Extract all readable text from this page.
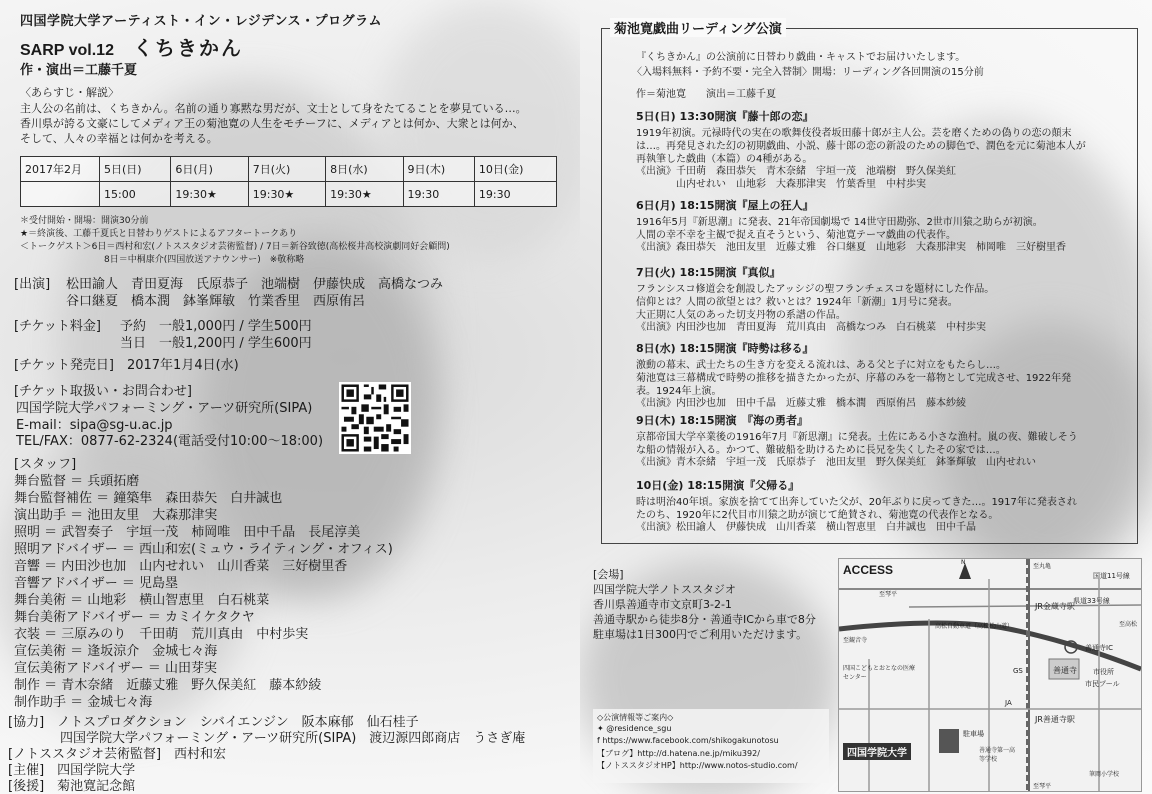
四国学院大学アーティスト・イン・レジデンス・プログラム
SARP vol.12 くちきかん
作・演出＝工藤千夏
〈あらすじ・解説〉
主人公の名前は、くちきかん。名前の通り寡黙な男だが、文士として身をたてることを夢見ている…。
香川県が誇る文豪にしてメディア王の菊池寛の人生をモチーフに、メディアとは何か、大衆とは何か、
そして、人々の幸福とは何かを考える。
2017年2月	5日(日)	6日(月)	7日(火)	8日(水)	9日(木)	10日(金)
	15:00	19:30★	19:30★	19:30★	19:30	19:30
＊受付開始・開場：開演30分前
★＝終演後、工藤千夏氏と日替わりゲストによるアフタートークあり
＜トークゲスト＞6日＝西村和宏(ノトススタジオ芸術監督) / 7日＝新谷致徳(高松桜井高校演劇同好会顧問)
8日＝中桐康介(四国放送アナウンサー)　※敬称略
[出演] 松田諭人　青田夏海　氏原恭子　池端樹　伊藤快成　高橋なつみ
谷口継夏　橋本潤　鉢峯輝敏　竹業香里　西原侑呂
[チケット料金] 予約　一般1,000円 / 学生500円
当日　一般1,200円 / 学生600円
[チケット発売日]　2017年1月4日(水)
[チケット取扱い・お問合わせ]
四国学院大学パフォーミング・アーツ研究所(SIPA)
E-mail：sipa@sg-u.ac.jp
TEL/FAX：0877-62-2324(電話受付10:00～18:00)
[スタッフ]
舞台監督 ＝ 兵頭拓磨
舞台監督補佐 ＝ 鐘築隼　森田恭矢　白井誠也
演出助手 ＝ 池田友里　大森那津実
照明 ＝ 武智奏子　宇垣一茂　柿岡唯　田中千晶　長尾淳美
照明アドバイザー ＝ 西山和宏(ミュウ・ライティング・オフィス)
音響 ＝ 内田沙也加　山内せれい　山川香菜　三好樹里香
音響アドバイザー ＝ 児島塁
舞台美術 ＝ 山地彩　横山智恵里　白石桃菜
舞台美術アドバイザー ＝ カミイケタクヤ
衣装 ＝ 三原みのり　千田萌　荒川真由　中村歩実
宣伝美術 ＝ 逢坂涼介　金城七々海
宣伝美術アドバイザー ＝ 山田芽実
制作 ＝ 青木奈緒　近藤丈雅　野久保美紅　藤本紗綾
制作助手 ＝ 金城七々海
[協力]　ノトスプロダクション　シバイエンジン　阪本麻郁　仙石桂子
　　　　四国学院大学パフォーミング・アーツ研究所(SIPA)　渡辺源四郎商店　うさぎ庵
[ノトススタジオ芸術監督]　西村和宏
[主催]　四国学院大学
[後援]　菊池寛記念館
菊池寛戯曲リーディング公演
『くちきかん』の公演前に日替わり戯曲・キャストでお届けいたします。
〈入場料無料・予約不要・完全入替制〉開場：リーディング各回開演の15分前
作＝菊池寛　　演出＝工藤千夏
5日(日) 13:30開演『藤十郎の恋』
1919年初演。元禄時代の実在の歌舞伎役者坂田藤十郎が主人公。芸を磨くための偽りの恋の顛末
は…。再発見された幻の初期戯曲、小説、藤十郎の恋の新設のための脚色で、潤色を元に菊池本人が
再執筆した戯曲（本篇）の4種がある。
《出演》千田萌　森田恭矢　青木奈緒　宇垣一茂　池端樹　野久保美紅
　　　　山内せれい　山地彩　大森那津実　竹葉香里　中村歩実
6日(月) 18:15開演『屋上の狂人』
1916年5月『新思潮』に発表、21年帝国劇場で 14世守田勘弥、2世市川猿之助らが初演。
人間の幸不幸を主観で捉え直そうという、菊池寛テーマ戯曲の代表作。
《出演》森田恭矢　池田友里　近藤丈雅　谷口継夏　山地彩　大森那津実　柿岡唯　三好樹里香
7日(火) 18:15開演『真似』
フランシスコ修道会を創設したアッシジの聖フランチェスコを題材にした作品。
信仰とは？人間の欲望とは？救いとは？1924年「新潮」1月号に発表。
大正期に人気のあった切支丹物の系譜の作品。
《出演》内田沙也加　青田夏海　荒川真由　高橋なつみ　白石桃菜　中村歩実
8日(水) 18:15開演『時勢は移る』
激動の幕末、武士たちの生き方を変える流れは、ある父と子に対立をもたらし…。
菊池寛は三幕構成で時勢の推移を描きたかったが、序幕のみを一幕物として完成させ、1922年発
表。1924年上演。
《出演》内田沙也加　田中千晶　近藤丈雅　橋本潤　西原侑呂　藤本紗綾
9日(木) 18:15開演　『海の勇者』
京都帝国大学卒業後の1916年7月『新思潮』に発表。土佐にある小さな漁村。嵐の夜、難破しそう
な船の情報が入る。かつて、難破船を助けるために長兄を失くしたその家では…。
《出演》青木奈緒　宇垣一茂　氏原恭子　池田友里　野久保美紅　鉢峯輝敏　山内せれい
10日(金) 18:15開演『父帰る』
時は明治40年頃。家族を捨てて出奔していた父が、20年ぶりに戻ってきた…。1917年に発表され
たのち、1920年に2代目市川猿之助が演じて絶賛され、菊池寛の代表作となる。
《出演》松田諭人　伊藤快成　山川香菜　横山智恵里　白井誠也　田中千晶
[会場]
四国学院大学ノトススタジオ
香川県善通寺市文京町3-2-1
善通寺駅から徒歩8分・善通寺ICから車で8分
駐車場は1日300円でご利用いただけます。
◇公演情報等ご案内◇
✦ @residence_sgu
f https://www.facebook.com/shikogakunotosu
【ブログ】http://d.hatena.ne.jp/miku392/
【ノトススタジオHP】http://www.notos-studio.com/
ACCESS	国道11号線
県道33号線
JR金蔵寺駅
高松自動車道（高松松山道）
善通寺IC
善通寺 市役所
市民プール
四国こどもとおとなの医療センター
JR善通寺駅
GS
JA
駐車場
善通寺第一高等学校
四国学院大学
N
至琴平
至高松
至丸亀
至琴平
至観音寺
筆岡小学校
